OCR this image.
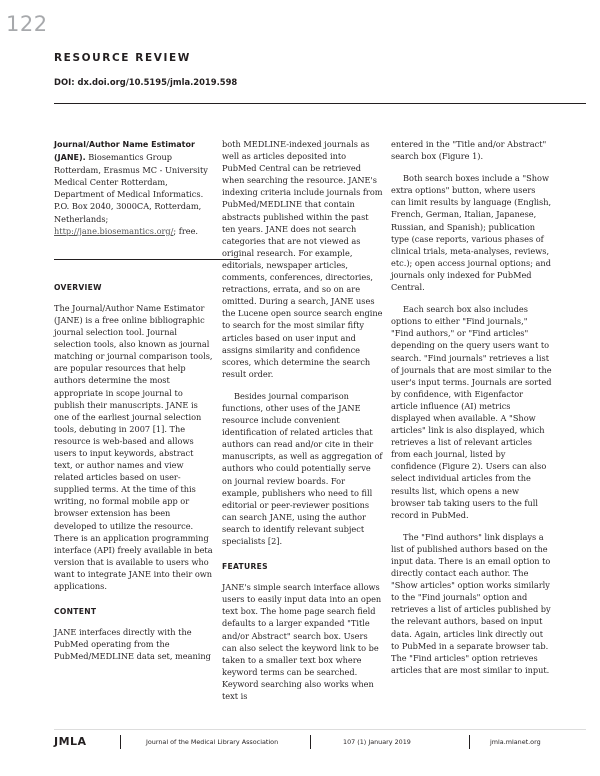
122
RESOURCE REVIEW
DOI: dx.doi.org/10.5195/jmla.2019.598

Journal/Author Name Estimator (JANE). Biosemantics Group Rotterdam, Erasmus MC - University Medical Center Rotterdam, Department of Medical Informatics. P.O. Box 2040, 3000CA, Rotterdam, Netherlands; http://jane.biosemantics.org/; free.

OVERVIEW

The Journal/Author Name Estimator (JANE) is a free online bibliographic journal selection tool. Journal selection tools, also known as journal matching or journal comparison tools, are popular resources that help authors determine the most appropriate in scope journal to publish their manuscripts. JANE is one of the earliest journal selection tools, debuting in 2007 [1]. The resource is web-based and allows users to input keywords, abstract text, or author names and view related articles based on user-supplied terms. At the time of this writing, no formal mobile app or browser extension has been developed to utilize the resource. There is an application programming interface (API) freely available in beta version that is available to users who want to integrate JANE into their own applications.

CONTENT

JANE interfaces directly with the PubMed operating from the PubMed/MEDLINE data set, meaning

both MEDLINE-indexed journals as well as articles deposited into PubMed Central can be retrieved when searching the resource. JANE's indexing criteria include journals from PubMed/MEDLINE that contain abstracts published within the past ten years. JANE does not search categories that are not viewed as original research. For example, editorials, newspaper articles, comments, conferences, directories, retractions, errata, and so on are omitted. During a search, JANE uses the Lucene open source search engine to search for the most similar fifty articles based on user input and assigns similarity and confidence scores, which determine the search result order.

Besides journal comparison functions, other uses of the JANE resource include convenient identification of related articles that authors can read and/or cite in their manuscripts, as well as aggregation of authors who could potentially serve on journal review boards. For example, publishers who need to fill editorial or peer-reviewer positions can search JANE, using the author search to identify relevant subject specialists [2].

FEATURES

JANE's simple search interface allows users to easily input data into an open text box. The home page search field defaults to a larger expanded "Title and/or Abstract" search box. Users can also select the keyword link to be taken to a smaller text box where keyword terms can be searched. Keyword searching also works when text is

entered in the "Title and/or Abstract" search box (Figure 1).

Both search boxes include a "Show extra options" button, where users can limit results by language (English, French, German, Italian, Japanese, Russian, and Spanish); publication type (case reports, various phases of clinical trials, meta-analyses, reviews, etc.); open access journal options; and journals only indexed for PubMed Central.

Each search box also includes options to either "Find journals," "Find authors," or "Find articles" depending on the query users want to search. "Find journals" retrieves a list of journals that are most similar to the user's input terms. Journals are sorted by confidence, with Eigenfactor article influence (AI) metrics displayed when available. A "Show articles" link is also displayed, which retrieves a list of relevant articles from each journal, listed by confidence (Figure 2). Users can also select individual articles from the results list, which opens a new browser tab taking users to the full record in PubMed.

The "Find authors" link displays a list of published authors based on the input data. There is an email option to directly contact each author. The "Show articles" option works similarly to the "Find journals" option and retrieves a list of articles published by the relevant authors, based on input data. Again, articles link directly out to PubMed in a separate browser tab. The "Find articles" option retrieves articles that are most similar to input.

JMLA	Journal of the Medical Library Association	107 (1) January 2019	jmla.mlanet.org
